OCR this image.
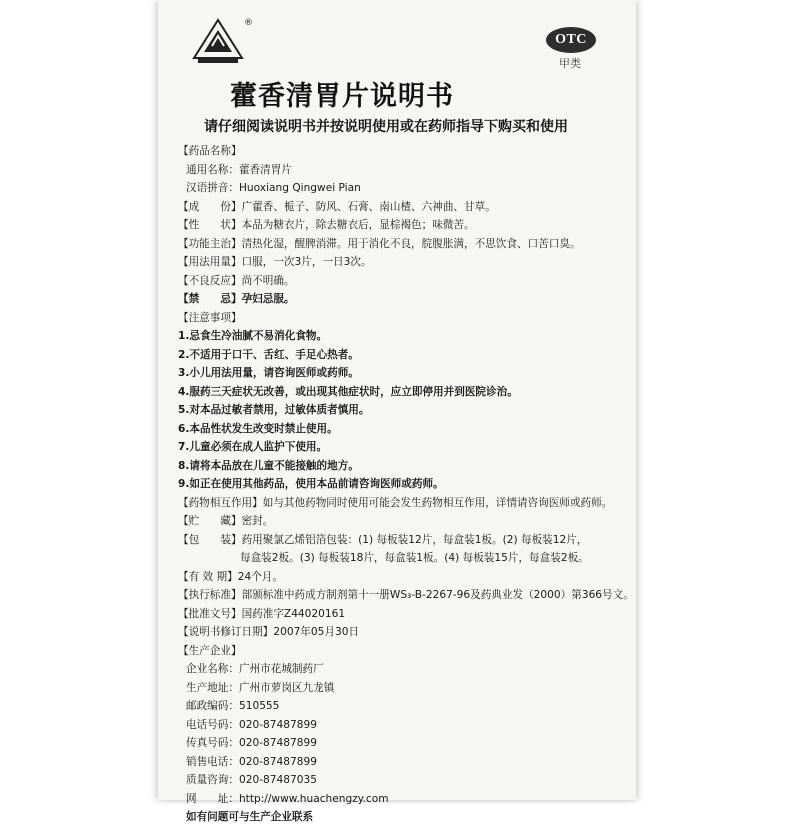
®
OTC
甲类
藿香清胃片说明书
请仔细阅读说明书并按说明使用或在药师指导下购买和使用
【药品名称】
通用名称：藿香清胃片
汉语拼音：Huoxiang Qingwei Pian
【成　　份】广藿香、栀子、防风、石膏、南山楂、六神曲、甘草。
【性　　状】本品为糖衣片，除去糖衣后，显棕褐色；味微苦。
【功能主治】清热化湿，醒脾消滞。用于消化不良，脘腹胀满，不思饮食、口苦口臭。
【用法用量】口服，一次3片，一日3次。
【不良反应】尚不明确。
【禁　　忌】孕妇忌服。
【注意事项】
1.忌食生冷油腻不易消化食物。
2.不适用于口干、舌红、手足心热者。
3.小儿用法用量，请咨询医师或药师。
4.服药三天症状无改善，或出现其他症状时，应立即停用并到医院诊治。
5.对本品过敏者禁用，过敏体质者慎用。
6.本品性状发生改变时禁止使用。
7.儿童必须在成人监护下使用。
8.请将本品放在儿童不能接触的地方。
9.如正在使用其他药品，使用本品前请咨询医师或药师。
【药物相互作用】如与其他药物同时使用可能会发生药物相互作用，详情请咨询医师或药师。
【贮　　藏】密封。
【包　　装】药用聚氯乙烯铝箔包装：(1) 每板装12片，每盒装1板。(2) 每板装12片，
每盒装2板。(3) 每板装18片，每盒装1板。(4) 每板装15片，每盒装2板。
【有 效 期】24个月。
【执行标准】部颁标准中药成方制剂第十一册WS₃-B-2267-96及药典业发（2000）第366号文。
【批准文号】国药准字Z44020161
【说明书修订日期】2007年05月30日
【生产企业】
企业名称：广州市花城制药厂
生产地址：广州市萝岗区九龙镇
邮政编码：510555
电话号码：020-87487899
传真号码：020-87487899
销售电话：020-87487899
质量咨询：020-87487035
网　　址：http://www.huachengzy.com
如有问题可与生产企业联系
